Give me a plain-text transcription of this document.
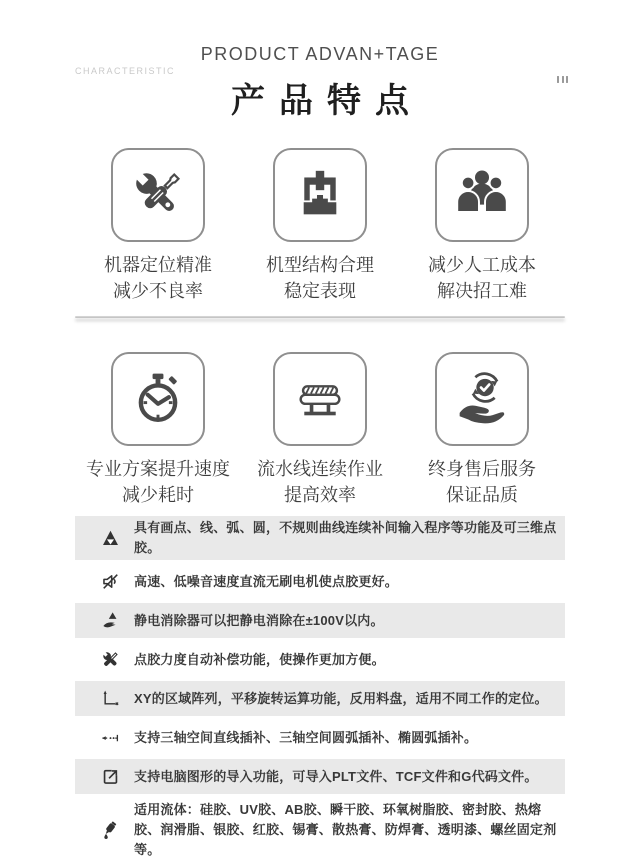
CHARACTERISTIC
PRODUCT ADVAN+TAGE
产品特点
机器定位精准
减少不良率
机型结构合理
稳定表现
减少人工成本
解决招工难
专业方案提升速度
减少耗时
流水线连续作业
提高效率
终身售后服务
保证品质
具有画点、线、弧、圆，不规则曲线连续补间输入程序等功能及可三维点胶。
高速、低噪音速度直流无刷电机使点胶更好。
静电消除器可以把静电消除在±100V以内。
点胶力度自动补偿功能，使操作更加方便。
XY的区域阵列，平移旋转运算功能，反用料盘，适用不同工作的定位。
支持三轴空间直线插补、三轴空间圆弧插补、椭圆弧插补。
支持电脑图形的导入功能，可导入PLT文件、TCF文件和G代码文件。
适用流体：硅胶、UV胶、AB胶、瞬干胶、环氧树脂胶、密封胶、热熔胶、润滑脂、银胶、红胶、锡膏、散热膏、防焊膏、透明漆、螺丝固定剂等。
